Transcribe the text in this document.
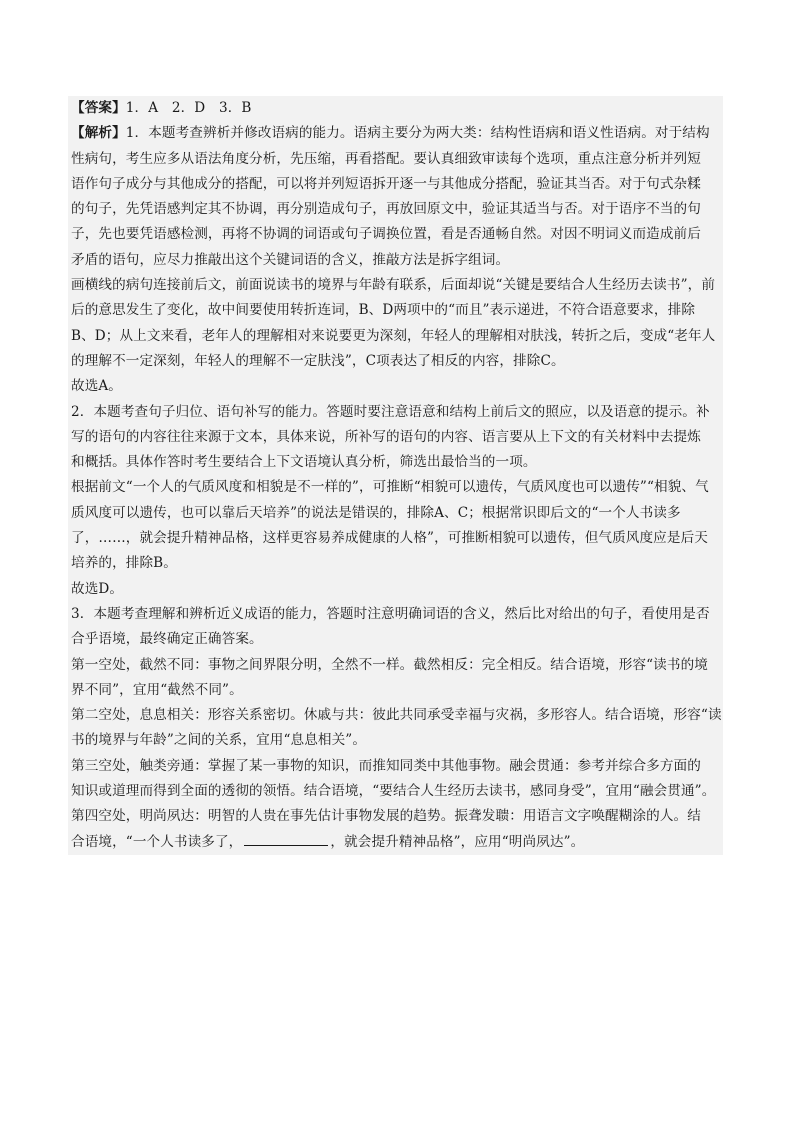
【答案】1．A　2．D　3．B
【解析】1．本题考查辨析并修改语病的能力。语病主要分为两大类：结构性语病和语义性语病。对于结构
性病句，考生应多从语法角度分析，先压缩，再看搭配。要认真细致审读每个选项，重点注意分析并列短
语作句子成分与其他成分的搭配，可以将并列短语拆开逐一与其他成分搭配，验证其当否。对于句式杂糅
的句子，先凭语感判定其不协调，再分别造成句子，再放回原文中，验证其适当与否。对于语序不当的句
子，先也要凭语感检测，再将不协调的词语或句子调换位置，看是否通畅自然。对因不明词义而造成前后
矛盾的语句，应尽力推敲出这个关键词语的含义，推敲方法是拆字组词。
画横线的病句连接前后文，前面说读书的境界与年龄有联系，后面却说“关键是要结合人生经历去读书”，前
后的意思发生了变化，故中间要使用转折连词，B、D两项中的“而且”表示递进，不符合语意要求，排除
B、D；从上文来看，老年人的理解相对来说要更为深刻，年轻人的理解相对肤浅，转折之后，变成“老年人
的理解不一定深刻，年轻人的理解不一定肤浅”，C项表达了相反的内容，排除C。
故选A。
2．本题考查句子归位、语句补写的能力。答题时要注意语意和结构上前后文的照应，以及语意的提示。补
写的语句的内容往往来源于文本，具体来说，所补写的语句的内容、语言要从上下文的有关材料中去提炼
和概括。具体作答时考生要结合上下文语境认真分析，筛选出最恰当的一项。
根据前文“一个人的气质风度和相貌是不一样的”，可推断“相貌可以遗传，气质风度也可以遗传”“相貌、气
质风度可以遗传，也可以靠后天培养”的说法是错误的，排除A、C；根据常识即后文的“一个人书读多
了，……，就会提升精神品格，这样更容易养成健康的人格”，可推断相貌可以遗传，但气质风度应是后天
培养的，排除B。
故选D。
3．本题考查理解和辨析近义成语的能力，答题时注意明确词语的含义，然后比对给出的句子，看使用是否
合乎语境，最终确定正确答案。
第一空处，截然不同：事物之间界限分明，全然不一样。截然相反：完全相反。结合语境，形容“读书的境
界不同”，宜用“截然不同”。
第二空处，息息相关：形容关系密切。休戚与共：彼此共同承受幸福与灾祸，多形容人。结合语境，形容“读
书的境界与年龄”之间的关系，宜用“息息相关”。
第三空处，触类旁通：掌握了某一事物的知识，而推知同类中其他事物。融会贯通：参考并综合多方面的
知识或道理而得到全面的透彻的领悟。结合语境，“要结合人生经历去读书，感同身受”，宜用“融会贯通”。
第四空处，明尚夙达：明智的人贵在事先估计事物发展的趋势。振聋发聩：用语言文字唤醒糊涂的人。结
合语境，“一个人书读多了，	，就会提升精神品格”，应用“明尚夙达”。
